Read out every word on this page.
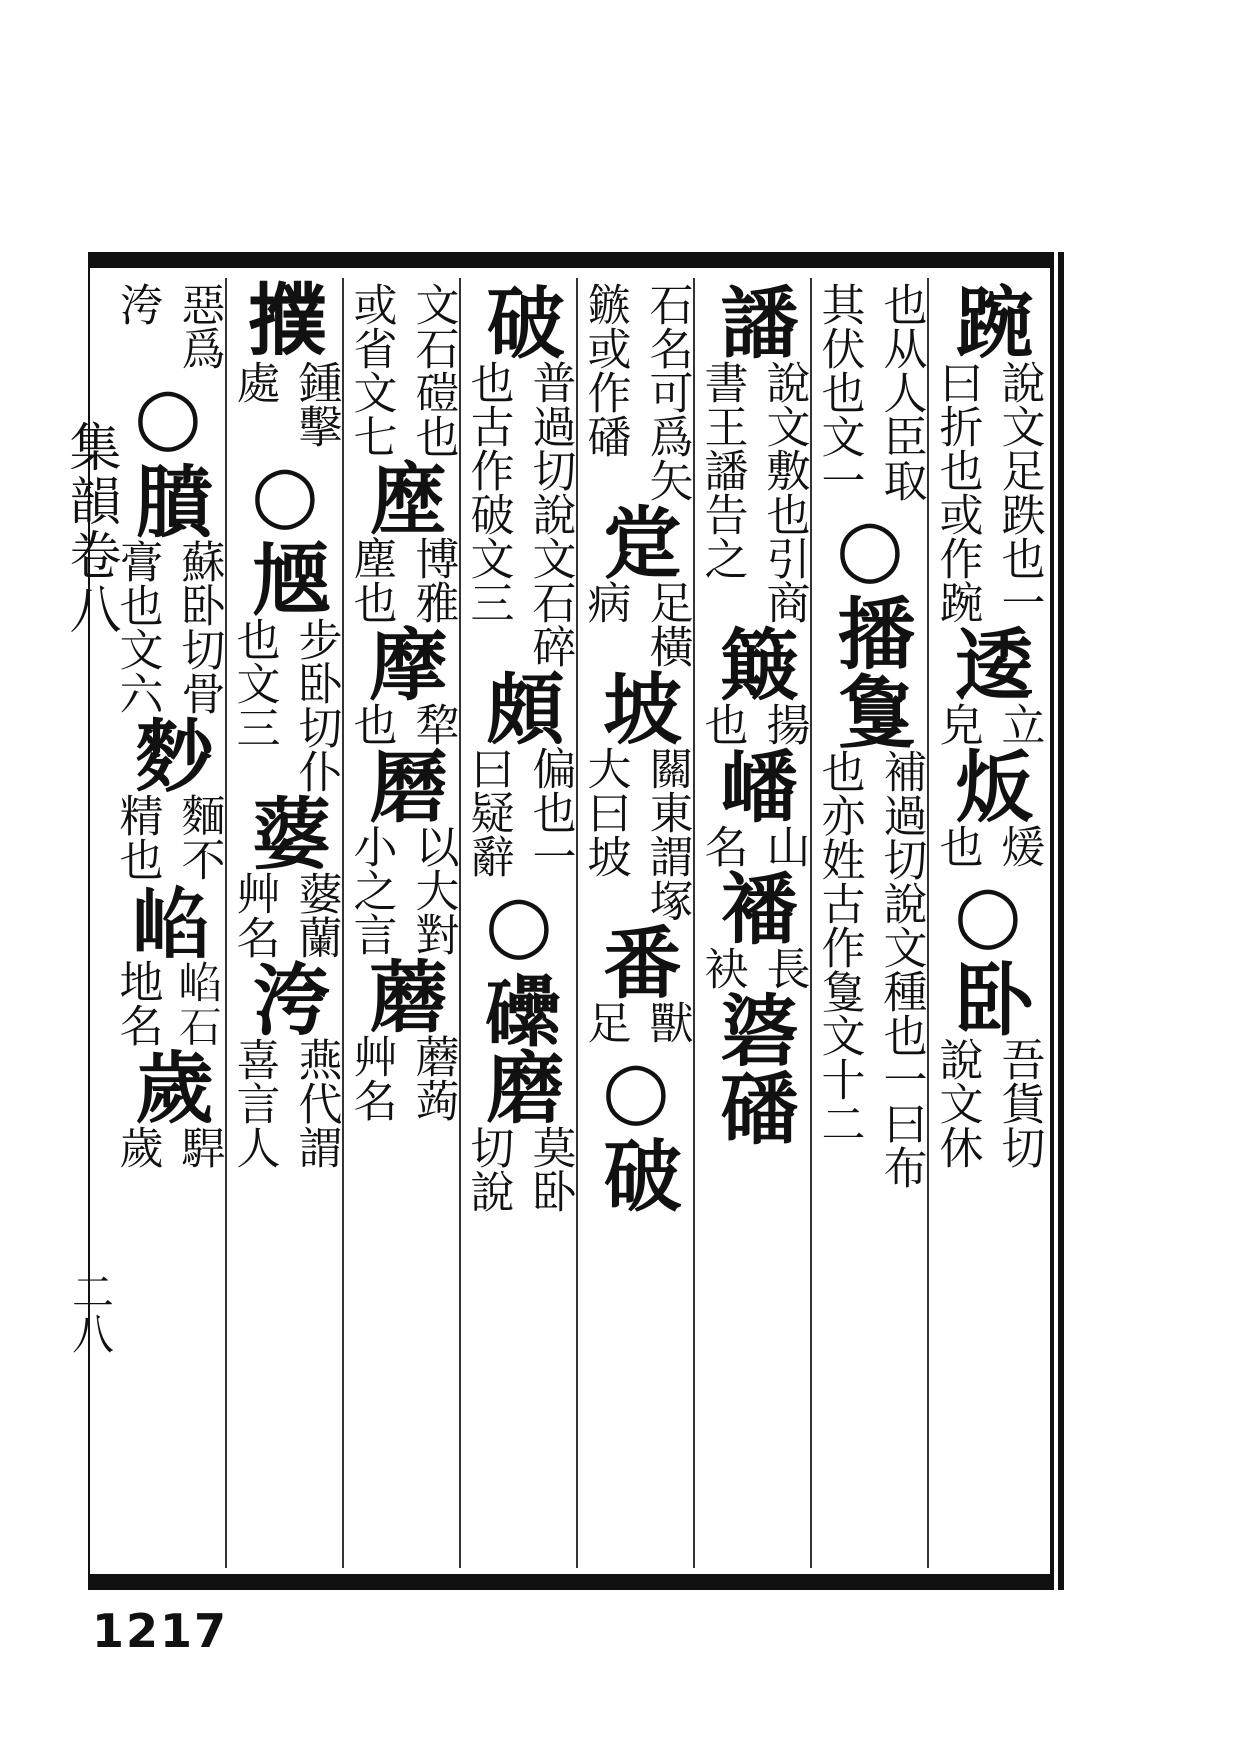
集韻卷八
二八
踠
說文足跌也一
曰折也或作踠
逶
立
皃
炍
煖
也
○
卧
吾貨切
說文休
也从人臣取
其伏也文一
○
播
𢿌
補過切說文種也一曰布
也亦姓古作𢿌文十二
譒
說文敷也引商
書王譒告之
簸
揚
也
嶓
山
名
襎
長
袂
碆
磻
石名可爲矢
鏃或作磻
䟫
足橫
病
坡
關東謂塚
大曰坡
番
獸
足
○
破
破
普過切說文石碎
也古作破文三
頗
偏也一
曰疑辭
○
𥗼
磨
莫卧
切說
文石磑也
或省文七
塺
博雅
塵也
摩
犂
也
磿
以大對
小之言
蘑
蘑蒟
艸名
𢷏
鍾擊
處
○
㐡
步卧切仆
也文三
蔢
蔢蘭
艸名
洿
燕代謂
喜言人
惡爲
洿
○
膹
蘇卧切骨
膏也文六
麨
麵不
精也
𡸞
𡸞石
地名
歲
駻
歲
1217
